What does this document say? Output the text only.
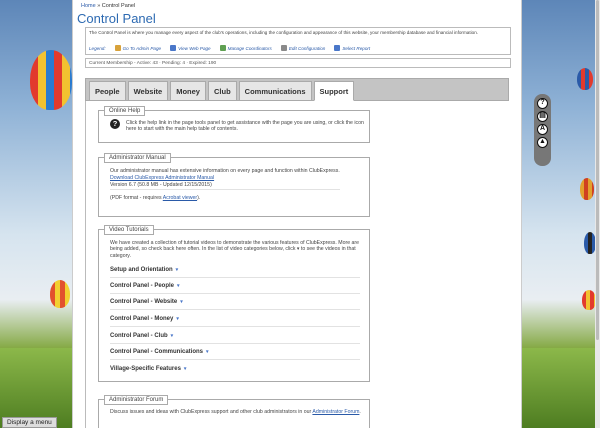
Home » Control Panel
Control Panel
The Control Panel is where you manage every aspect of the club's operations, including the configuration and appearance of this website, your membership database and financial information.
Legend:	Go To Admin Page	View Web Page	Manage Coordinators	Edit Configuration	Select Report
Current Membership - Active: 43 · Pending: 4 · Expired: 190
People	Website	Money	Club	Communications	Support
Online Help
?	Click the help link in the page tools panel to get assistance with the page you are using, or click the icon here to start with the main help table of contents.
Administrator Manual
Our administrator manual has extensive information on every page and function within ClubExpress.
Download ClubExpress Administrator Manual
Version 6.7 (50.8 MB - Updated 12/15/2015)
(PDF format - requires Acrobat viewer).
Video Tutorials
We have created a collection of tutorial videos to demonstrate the various features of ClubExpress. More are being added, so check back here often. In the list of video categories below, click ▾ to see the videos in that category.
Setup and Orientation ▾
Control Panel - People ▾
Control Panel - Website ▾
Control Panel - Money ▾
Control Panel - Club ▾
Control Panel - Communications ▾
Village-Specific Features ▾
Administrator Forum
Discuss issues and ideas with ClubExpress support and other club administrators in our Administrator Forum.
?
▤
A
▲
Display a menu
